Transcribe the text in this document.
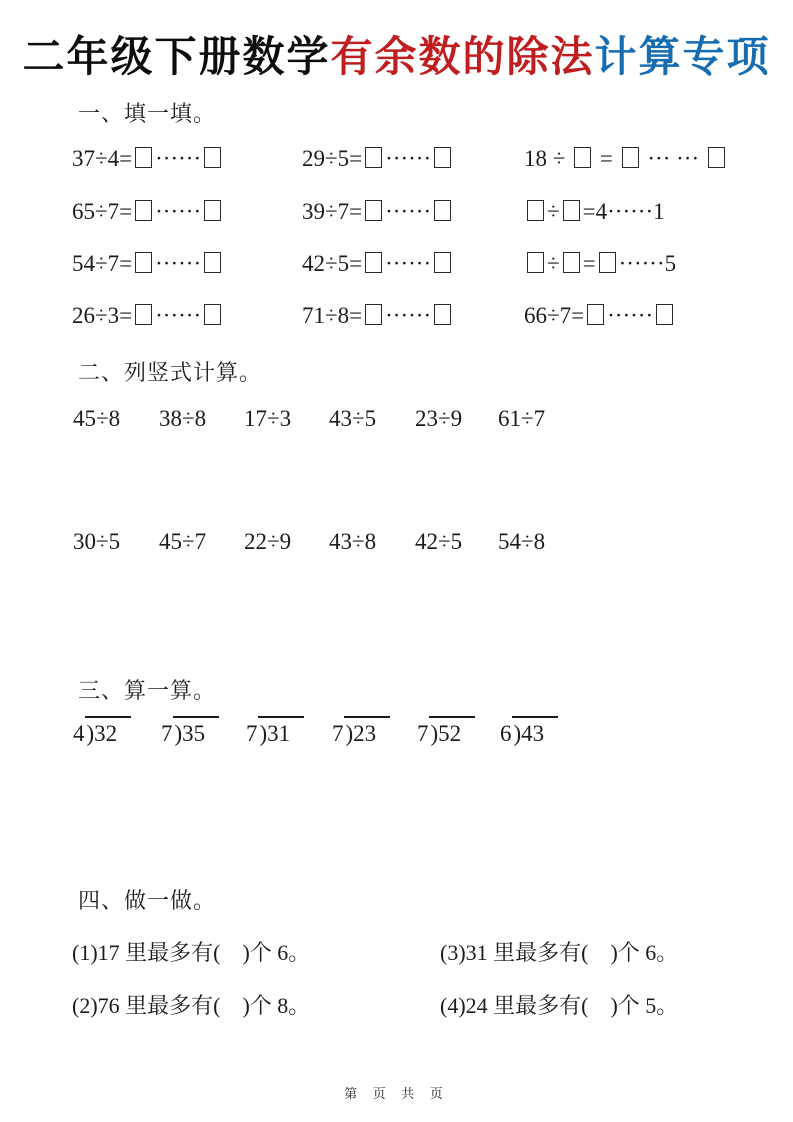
二年级下册数学有余数的除法计算专项
一、填一填。
37÷4= ······	29÷5= ······	18 ÷ = ··· ···
65÷7= ······	39÷7= ······	÷ =4······1
54÷7= ······	42÷5= ······	÷ = ······5
26÷3= ······	71÷8= ······	66÷7= ······
二、列竖式计算。
45÷8 38÷8 17÷3 43÷5 23÷9 61÷7
30÷5 45÷7 22÷9 43÷8 42÷5 54÷8
三、算一算。
4)32	7)35	7)31	7)23	7)52	6)43
四、做一做。
(1)17 里最多有(　)个 6。	(3)31 里最多有(　)个 6。
(2)76 里最多有(　)个 8。	(4)24 里最多有(　)个 5。
第 页 共 页
